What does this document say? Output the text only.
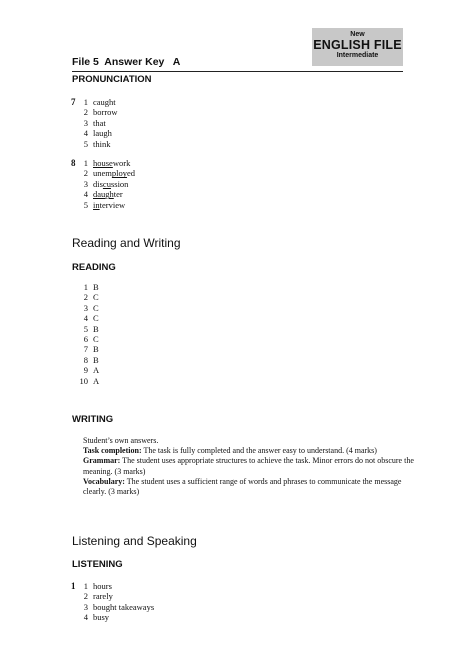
New
ENGLISH FILE
Intermediate
File 5  Answer Key   A
PRONUNCIATION
7 1 caught
2 borrow
3 that
4 laugh
5 think
8 1 housework
2 unemployed
3 discussion
4 daughter
5 interview
Reading and Writing
READING
1 B
2 C
3 C
4 C
5 B
6 C
7 B
8 B
9 A
10 A
WRITING

Student’s own answers.

Task completion: The task is fully completed and the answer easy to understand. (4 marks)

Grammar: The student uses appropriate structures to achieve the task. Minor errors do not obscure the meaning. (3 marks)

Vocabulary: The student uses a sufficient range of words and phrases to communicate the message clearly. (3 marks)

Listening and Speaking
LISTENING
1 1 hours
2 rarely
3 bought takeaways
4 busy
